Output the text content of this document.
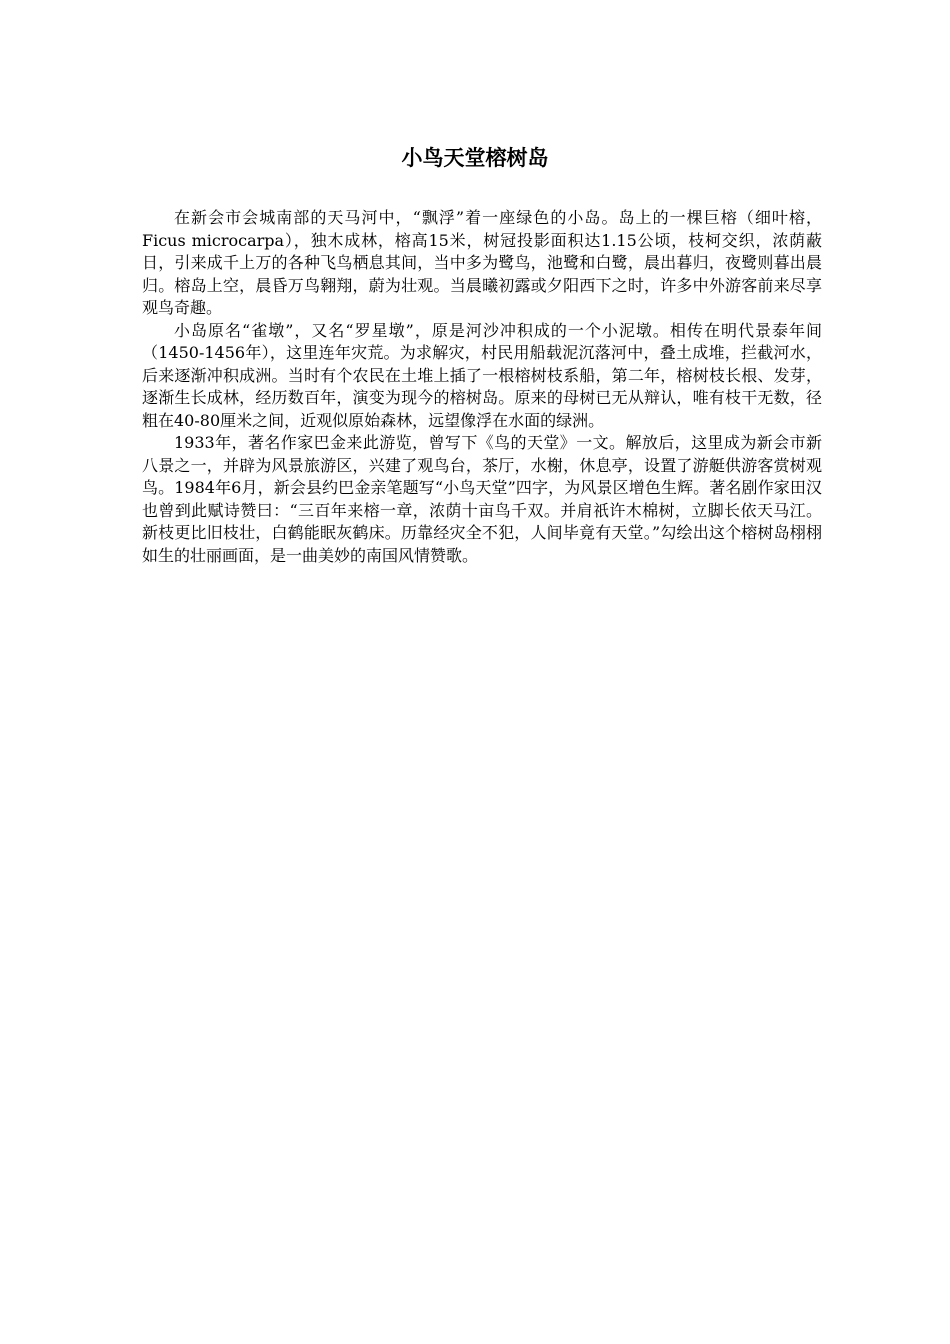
小鸟天堂榕树岛

在新会市会城南部的天马河中，“飘浮”着一座绿色的小岛。岛上的一棵巨榕（细叶榕，Ficus microcarpa），独木成林，榕高15米，树冠投影面积达1.15公顷，枝柯交织，浓荫蔽日，引来成千上万的各种飞鸟栖息其间，当中多为鹭鸟，池鹭和白鹭，晨出暮归，夜鹭则暮出晨归。榕岛上空，晨昏万鸟翱翔，蔚为壮观。当晨曦初露或夕阳西下之时，许多中外游客前来尽享观鸟奇趣。

小岛原名“雀墩”，又名“罗星墩”，原是河沙冲积成的一个小泥墩。相传在明代景泰年间（1450-1456年），这里连年灾荒。为求解灾，村民用船载泥沉落河中，叠土成堆，拦截河水，后来逐渐冲积成洲。当时有个农民在土堆上插了一根榕树枝系船，第二年，榕树枝长根、发芽，逐渐生长成林，经历数百年，演变为现今的榕树岛。原来的母树已无从辩认，唯有枝干无数，径粗在40-80厘米之间，近观似原始森林，远望像浮在水面的绿洲。

1933年，著名作家巴金来此游览，曾写下《鸟的天堂》一文。解放后，这里成为新会市新八景之一，并辟为风景旅游区，兴建了观鸟台，茶厅，水榭，休息亭，设置了游艇供游客赏树观鸟。1984年6月，新会县约巴金亲笔题写“小鸟天堂”四字，为风景区增色生辉。著名剧作家田汉也曾到此赋诗赞曰：“三百年来榕一章，浓荫十亩鸟千双。并肩祇许木棉树，立脚长依天马江。新枝更比旧枝壮，白鹤能眠灰鹤床。历靠经灾全不犯，人间毕竟有天堂。”勾绘出这个榕树岛栩栩如生的壮丽画面，是一曲美妙的南国风情赞歌。
